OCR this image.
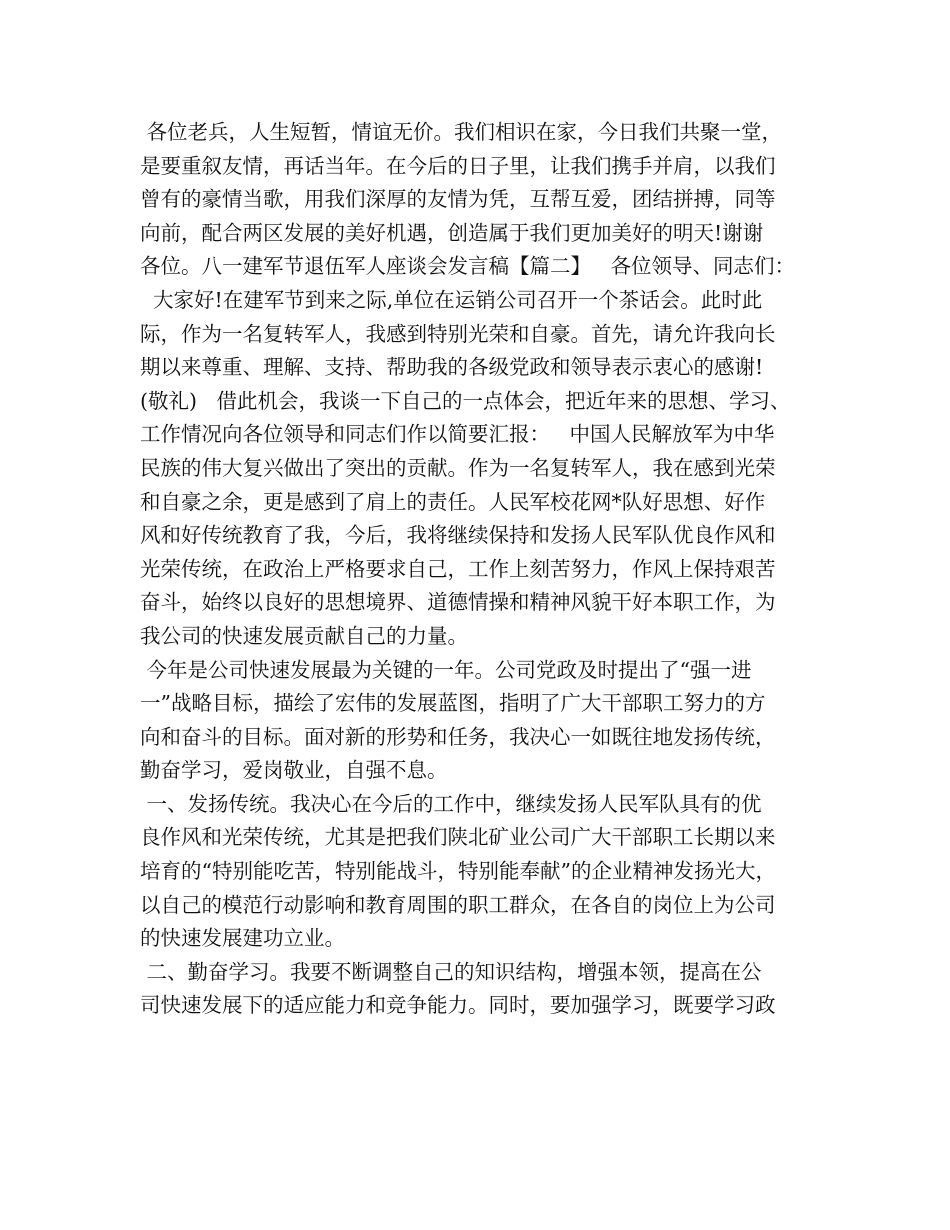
各位老兵，人生短暂，情谊无价。我们相识在家，今日我们共聚一堂，
是要重叙友情，再话当年。在今后的日子里，让我们携手并肩，以我们
曾有的豪情当歌，用我们深厚的友情为凭，互帮互爱，团结拼搏，同等
向前，配合两区发展的美好机遇，创造属于我们更加美好的明天!谢谢
各位。八一建军节退伍军人座谈会发言稿【篇二】   各位领导、同志们：
大家好!在建军节到来之际,单位在运销公司召开一个茶话会。此时此
际，作为一名复转军人，我感到特别光荣和自豪。首先，请允许我向长
期以来尊重、理解、支持、帮助我的各级党政和领导表示衷心的感谢!
(敬礼)   借此机会，我谈一下自己的一点体会，把近年来的思想、学习、
工作情况向各位领导和同志们作以简要汇报：   中国人民解放军为中华
民族的伟大复兴做出了突出的贡献。作为一名复转军人，我在感到光荣
和自豪之余，更是感到了肩上的责任。人民军校花网*队好思想、好作
风和好传统教育了我，今后，我将继续保持和发扬人民军队优良作风和
光荣传统，在政治上严格要求自己，工作上刻苦努力，作风上保持艰苦
奋斗，始终以良好的思想境界、道德情操和精神风貌干好本职工作，为
我公司的快速发展贡献自己的力量。
今年是公司快速发展最为关键的一年。公司党政及时提出了“强一进
一”战略目标，描绘了宏伟的发展蓝图，指明了广大干部职工努力的方
向和奋斗的目标。面对新的形势和任务，我决心一如既往地发扬传统，
勤奋学习，爱岗敬业，自强不息。
一、发扬传统。我决心在今后的工作中，继续发扬人民军队具有的优
良作风和光荣传统，尤其是把我们陕北矿业公司广大干部职工长期以来
培育的“特别能吃苦，特别能战斗，特别能奉献”的企业精神发扬光大，
以自己的模范行动影响和教育周围的职工群众，在各自的岗位上为公司
的快速发展建功立业。
二、勤奋学习。我要不断调整自己的知识结构，增强本领，提高在公
司快速发展下的适应能力和竞争能力。同时，要加强学习，既要学习政
